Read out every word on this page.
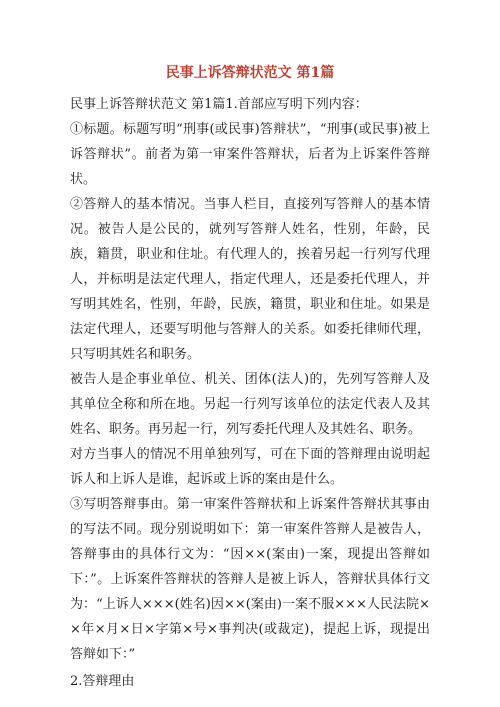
民事上诉答辩状范文 第1篇

民事上诉答辩状范文 第1篇1.首部应写明下列内容：

①标题。标题写明“刑事(或民事)答辩状”，“刑事(或民事)被上诉答辩状”。前者为第一审案件答辩状，后者为上诉案件答辩状。

②答辩人的基本情况。当事人栏目，直接列写答辩人的基本情况。被告人是公民的，就列写答辩人姓名，性别，年龄，民族，籍贯，职业和住址。有代理人的，挨着另起一行列写代理人，并标明是法定代理人，指定代理人，还是委托代理人，并写明其姓名，性别，年龄，民族，籍贯，职业和住址。如果是法定代理人，还要写明他与答辩人的关系。如委托律师代理，只写明其姓名和职务。

被告人是企事业单位、机关、团体(法人)的，先列写答辩人及其单位全称和所在地。另起一行列写该单位的法定代表人及其姓名、职务。再另起一行，列写委托代理人及其姓名、职务。

对方当事人的情况不用单独列写，可在下面的答辩理由说明起诉人和上诉人是谁，起诉或上诉的案由是什么。

③写明答辩事由。第一审案件答辩状和上诉案件答辩状其事由的写法不同。现分别说明如下：第一审案件答辩人是被告人，答辩事由的具体行文为：“因××(案由)一案，现提出答辩如下：”。上诉案件答辩状的答辩人是被上诉人，答辩状具体行文为：“上诉人×××(姓名)因××(案由)一案不服×××人民法院××年×月×日×字第×号×事判决(或裁定)，提起上诉，现提出答辩如下：”

2.答辩理由
